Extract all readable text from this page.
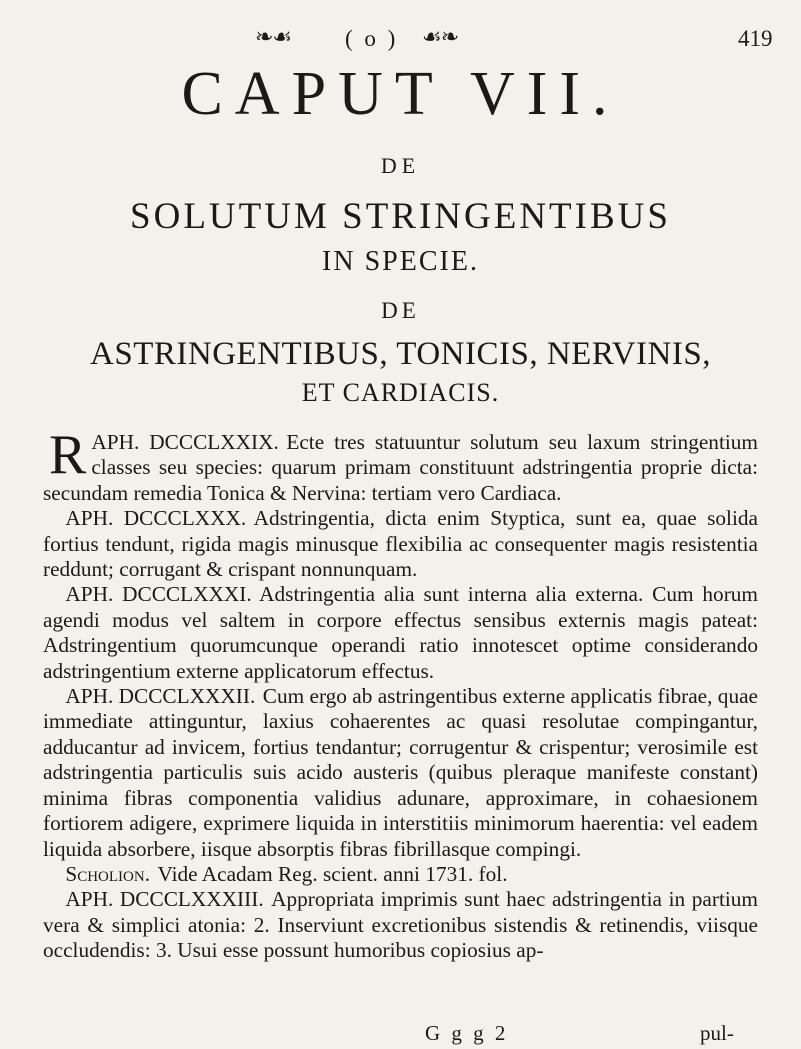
❧☙ ( o ) ☙❧	419
CAPUT VII.
DE
SOLUTUM STRINGENTIBUS
IN SPECIE.
DE
ASTRINGENTIBUS, TONICIS, NERVINIS,
ET CARDIACIS.

APH. DCCCLXXIX.
R	Ecte tres statuuntur solutum seu laxum stringentium classes seu species: quarum primam constituunt adstringentia proprie dicta: secundam remedia Tonica & Nervina: tertiam vero Cardiaca.

APH. DCCCLXXX. Adstringentia, dicta enim Styptica, sunt ea, quae solida fortius tendunt, rigida magis minusque flexibilia ac consequenter magis resistentia reddunt; corrugant & crispant nonnunquam.

APH. DCCCLXXXI. Adstringentia alia sunt interna alia externa. Cum horum agendi modus vel saltem in corpore effectus sensibus externis magis pateat: Adstringentium quorumcunque operandi ratio innotescet optime considerando adstringentium externe applicatorum effectus.

APH. DCCCLXXXII. Cum ergo ab astringentibus externe applicatis fibrae, quae immediate attinguntur, laxius cohaerentes ac quasi resolutae compingantur, adducantur ad invicem, fortius tendantur; corrugentur & crispentur; verosimile est adstringentia particulis suis acido austeris (quibus pleraque manifeste constant) minima fibras componentia validius adunare, approximare, in cohaesionem fortiorem adigere, exprimere liquida in interstitiis minimorum haerentia: vel eadem liquida absorbere, iisque absorptis fibras fibrillasque compingi.

Scholion. Vide Acadam Reg. scient. anni 1731. fol.

APH. DCCCLXXXIII. Appropriata imprimis sunt haec adstringentia in partium vera & simplici atonia: 2. Inserviunt excretionibus sistendis & retinendis, viisque occludendis: 3. Usui esse possunt humoribus copiosius ap-

G g g 2	pul-
